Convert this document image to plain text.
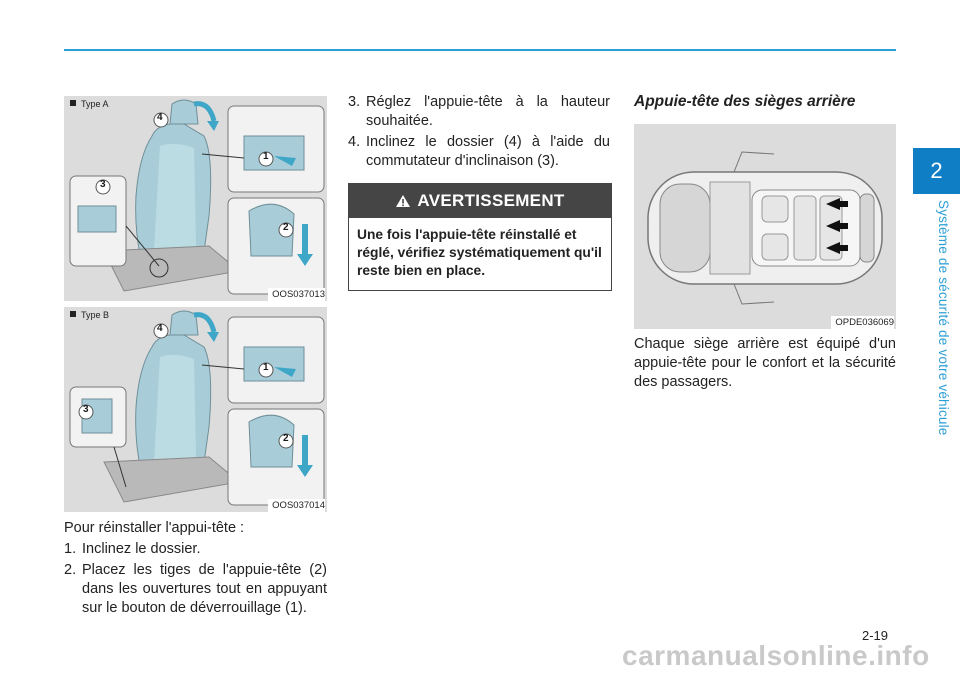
2
Système de sécurité de votre véhicule
4
1
2
3
Type A
OOS037013
4
1
2
3
Type B
OOS037014

Pour réinstaller l'appui-tête :

1. Inclinez le dossier.
2. Placez les tiges de l'appuie-tête (2) dans les ouvertures tout en appuyant sur le bouton de déverrouillage (1).
3. Réglez l'appuie-tête à la hauteur souhaitée.
4. Inclinez le dossier (4) à l'aide du commutateur d'inclinaison (3).
AVERTISSEMENT
Une fois l'appuie-tête réinstallé et réglé, vérifiez systématiquement qu'il reste bien en place.
Appuie-tête des sièges arrière
OPDE036069
Chaque siège arrière est équipé d'un appuie-tête pour le confort et la sécurité des passagers.
2-19
carmanualsonline.info
